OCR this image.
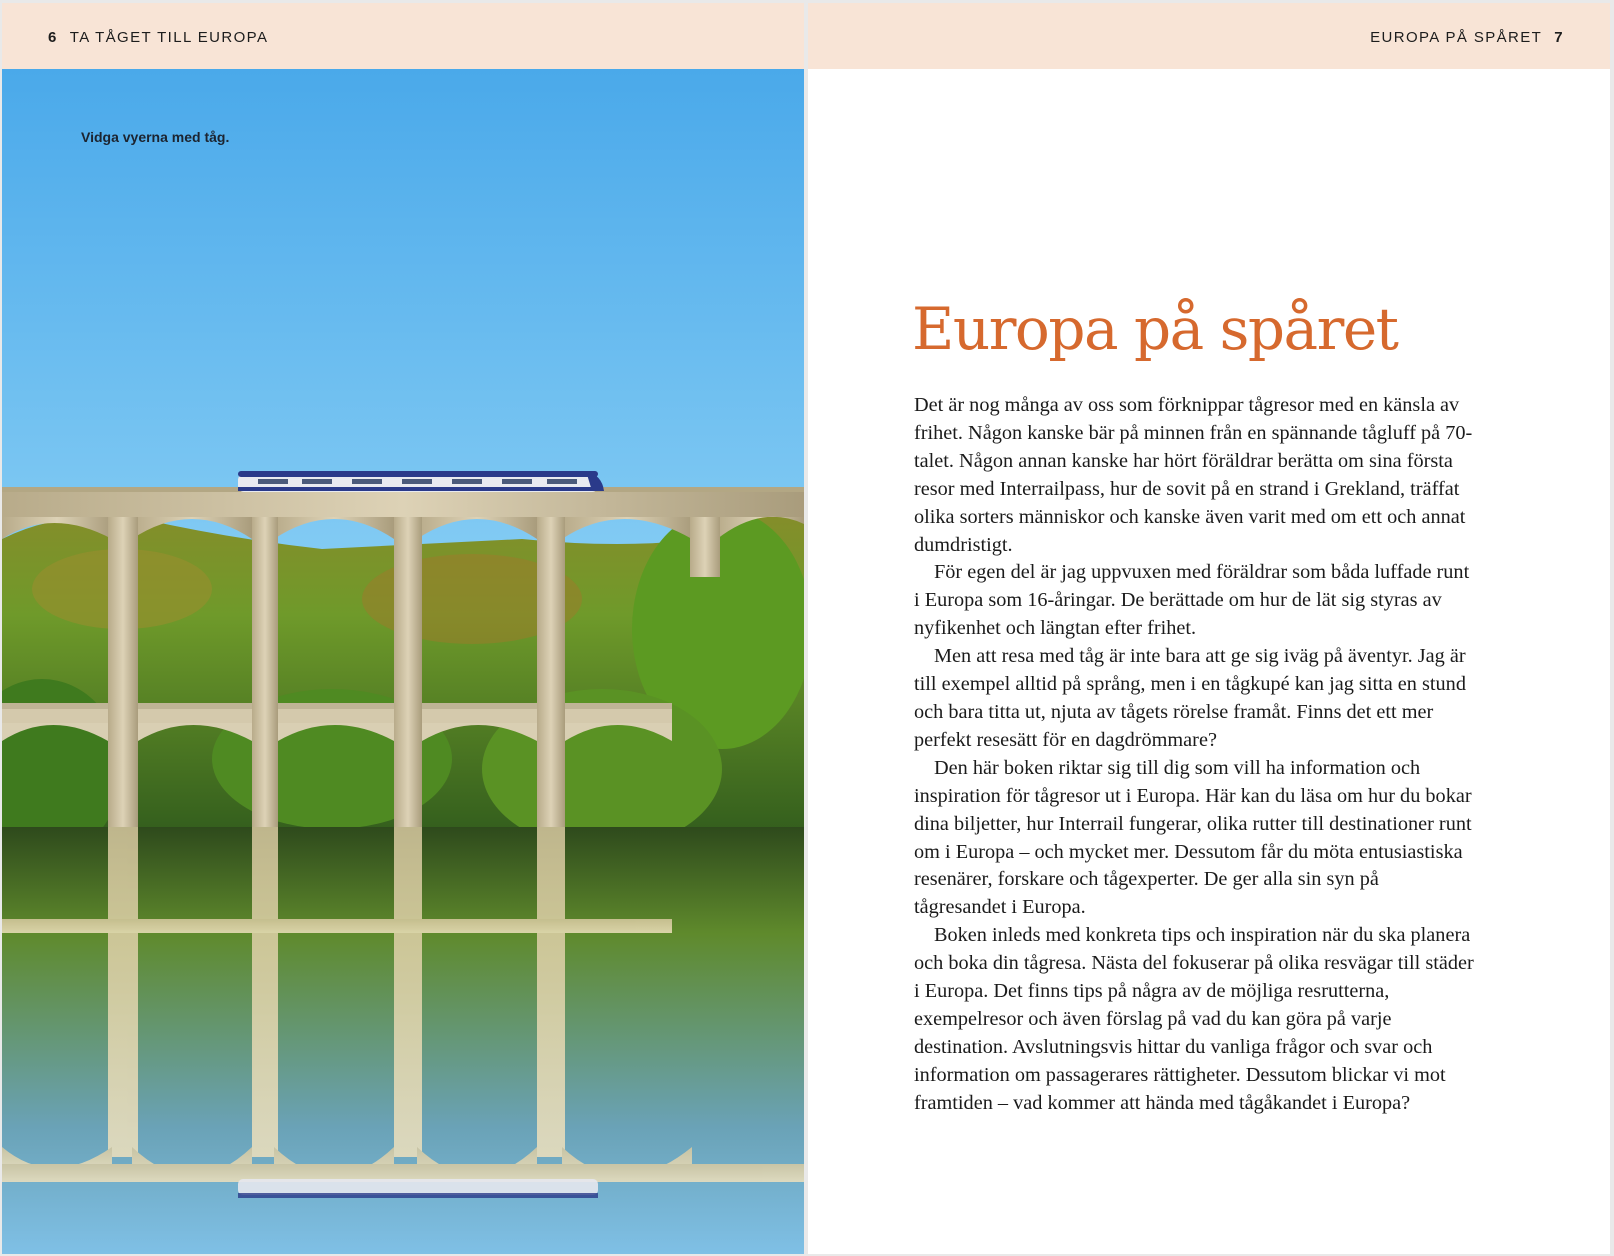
6 TA TÅGET TILL EUROPA
Vidga vyerna med tåg.
EUROPA PÅ SPÅRET 7
Europa på spåret

Det är nog många av oss som förknippar tågresor med en känsla av frihet. Någon kanske bär på minnen från en spännande tågluff på 70-talet. Någon annan kanske har hört föräldrar berätta om sina första resor med Interrailpass, hur de sovit på en strand i Grekland, träffat olika sorters människor och kanske även varit med om ett och annat dumdristigt.

För egen del är jag uppvuxen med föräldrar som båda luffade runt i Europa som 16-åringar. De berättade om hur de lät sig styras av nyfikenhet och längtan efter frihet.

Men att resa med tåg är inte bara att ge sig iväg på äventyr. Jag är till exempel alltid på språng, men i en tågkupé kan jag sitta en stund och bara titta ut, njuta av tågets rörelse framåt. Finns det ett mer perfekt resesätt för en dagdrömmare?

Den här boken riktar sig till dig som vill ha information och inspiration för tågresor ut i Europa. Här kan du läsa om hur du bokar dina biljetter, hur Interrail fungerar, olika rutter till destinationer runt om i Europa – och mycket mer. Dessutom får du möta entusiastiska resenärer, forskare och tågexperter. De ger alla sin syn på tågresandet i Europa.

Boken inleds med konkreta tips och inspiration när du ska planera och boka din tågresa. Nästa del fokuserar på olika resvägar till städer i Europa. Det finns tips på några av de möjliga resrutterna, exempelresor och även förslag på vad du kan göra på varje destination. Avslutningsvis hittar du vanliga frågor och svar och information om passagerares rättigheter. Dessutom blickar vi mot framtiden – vad kommer att hända med tågåkandet i Europa?
